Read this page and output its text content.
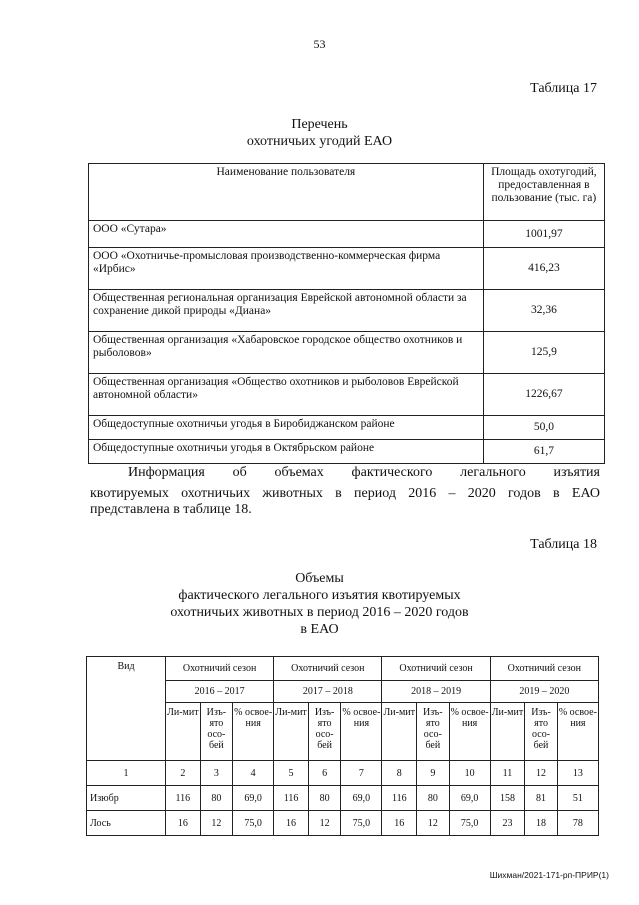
53
Таблица 17
Перечень
охотничьих угодий ЕАО
Наименование пользователя	Площадь охотугодий, предоставленная в пользование (тыс. га)
ООО «Сутара»	1001,97
ООО «Охотничье-промысловая производственно-коммерческая фирма «Ирбис»	416,23
Общественная региональная организация Еврейской автономной области за сохранение дикой природы «Диана»	32,36
Общественная организация «Хабаровское городское общество охотников и рыболовов»	125,9
Общественная организация «Общество охотников и рыболовов Еврейской автономной области»	1226,67
Общедоступные охотничьи угодья в Биробиджанском районе	50,0
Общедоступные охотничьи угодья в Октябрьском районе	61,7
Информация об объемах фактического легального изъятия
квотируемых охотничьих животных в период 2016 – 2020 годов в ЕАО
представлена в таблице 18.
Таблица 18
Объемы
фактического легального изъятия квотируемых
охотничьих животных в период 2016 – 2020 годов
в ЕАО
Вид	Охотничий сезон			Охотничий сезон			Охотничий сезон			Охотничий сезон		
	2016 – 2017			2017 – 2018			2018 – 2019			2019 – 2020		
	Ли-мит	Изъ-ято осо-бей	% освое-ния	Ли-мит	Изъ-ято осо-бей	% освое-ния	Ли-мит	Изъ-ято осо-бей	% освое-ния	Ли-мит	Изъ-ято осо-бей	% освое-ния
1	2	3	4	5	6	7	8	9	10	11	12	13
Изюбр	116	80	69,0	116	80	69,0	116	80	69,0	158	81	51
Лось	16	12	75,0	16	12	75,0	16	12	75,0	23	18	78
Шихман/2021-171-рп-ПРИР(1)
